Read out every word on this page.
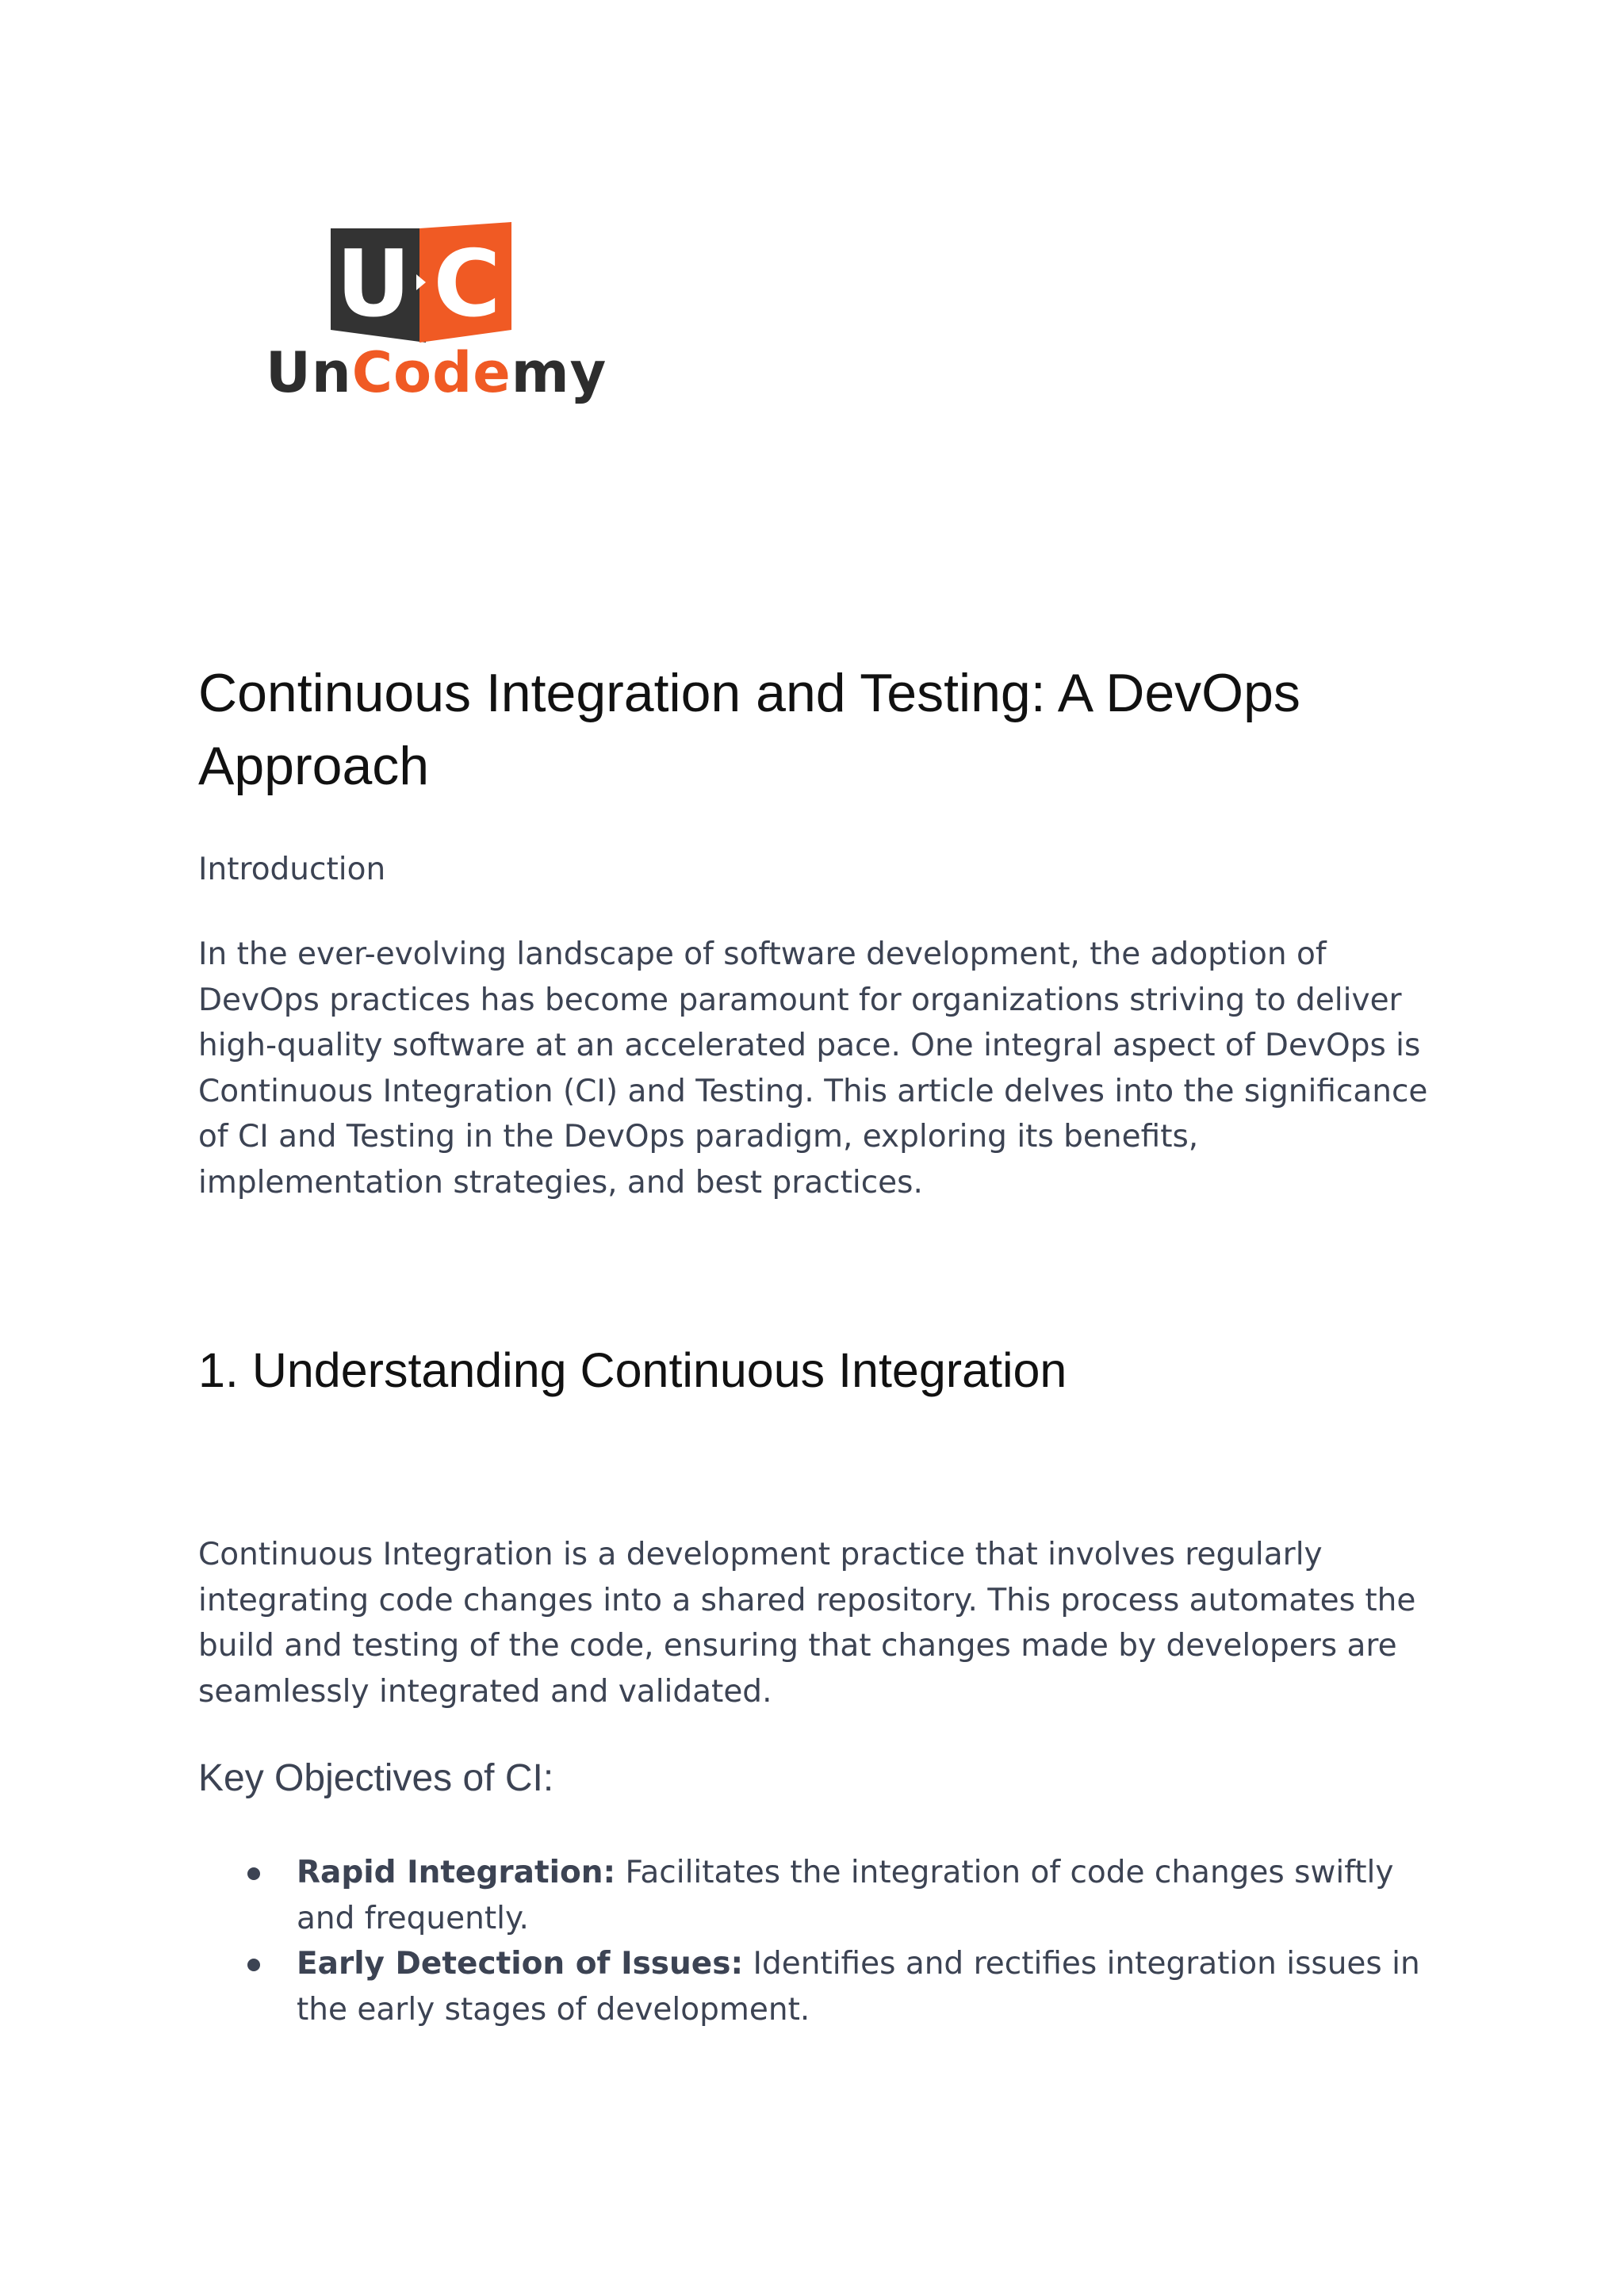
U C
UnCodemy
Continuous Integration and Testing: A DevOps Approach

Introduction

In the ever-evolving landscape of software development, the adoption of DevOps practices has become paramount for organizations striving to deliver high-quality software at an accelerated pace. One integral aspect of DevOps is Continuous Integration (CI) and Testing. This article delves into the significance of CI and Testing in the DevOps paradigm, exploring its benefits, implementation strategies, and best practices.

1. Understanding Continuous Integration

Continuous Integration is a development practice that involves regularly integrating code changes into a shared repository. This process automates the build and testing of the code, ensuring that changes made by developers are seamlessly integrated and validated.

Key Objectives of CI:
Rapid Integration: Facilitates the integration of code changes swiftly and frequently.
Early Detection of Issues: Identifies and rectifies integration issues in the early stages of development.
